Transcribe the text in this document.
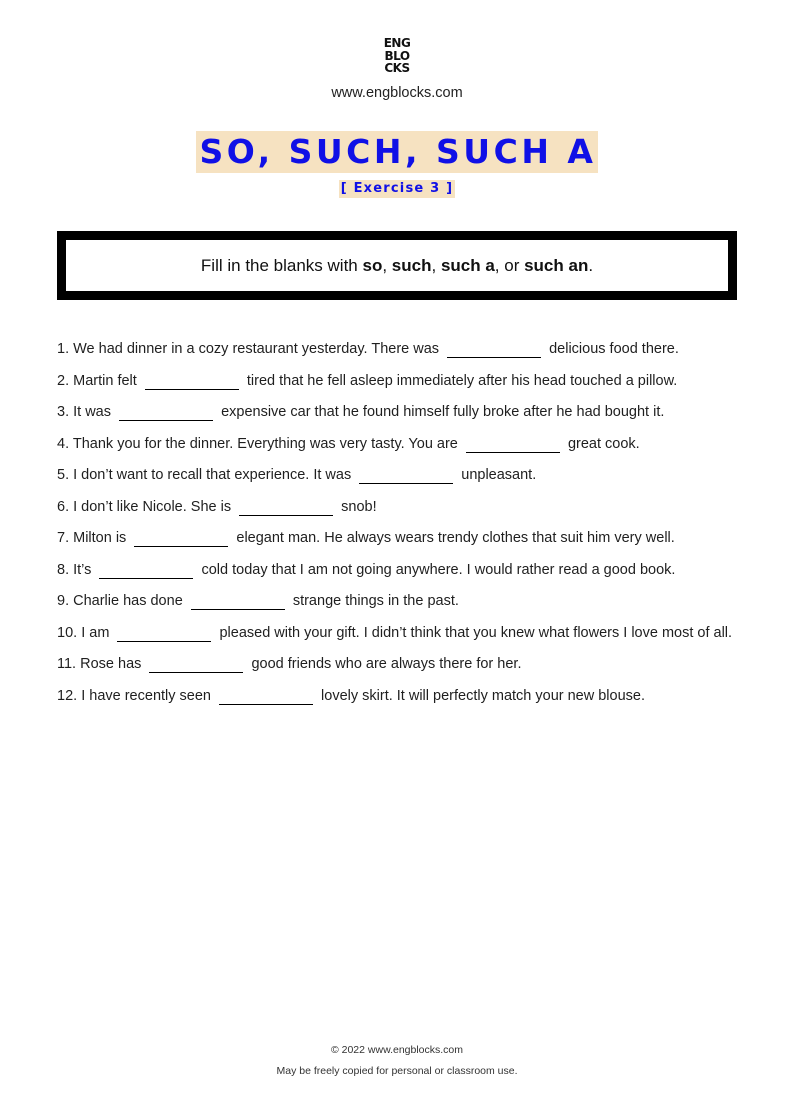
ENG
BLO
CKS
www.engblocks.com
SO, SUCH, SUCH A
[ Exercise 3 ]
Fill in the blanks with so, such, such a, or such an.
1. We had dinner in a cozy restaurant yesterday. There was	delicious food there.
2. Martin felt	tired that he fell asleep immediately after his head touched a pillow.
3. It was	expensive car that he found himself fully broke after he had bought it.
4. Thank you for the dinner. Everything was very tasty. You are	great cook.
5. I don’t want to recall that experience. It was	unpleasant.
6. I don’t like Nicole. She is	snob!
7. Milton is	elegant man. He always wears trendy clothes that suit him very well.
8. It’s	cold today that I am not going anywhere. I would rather read a good book.
9. Charlie has done	strange things in the past.
10. I am	pleased with your gift. I didn’t think that you knew what flowers I love most of all.
11. Rose has	good friends who are always there for her.
12. I have recently seen	lovely skirt. It will perfectly match your new blouse.
© 2022 www.engblocks.com
May be freely copied for personal or classroom use.
